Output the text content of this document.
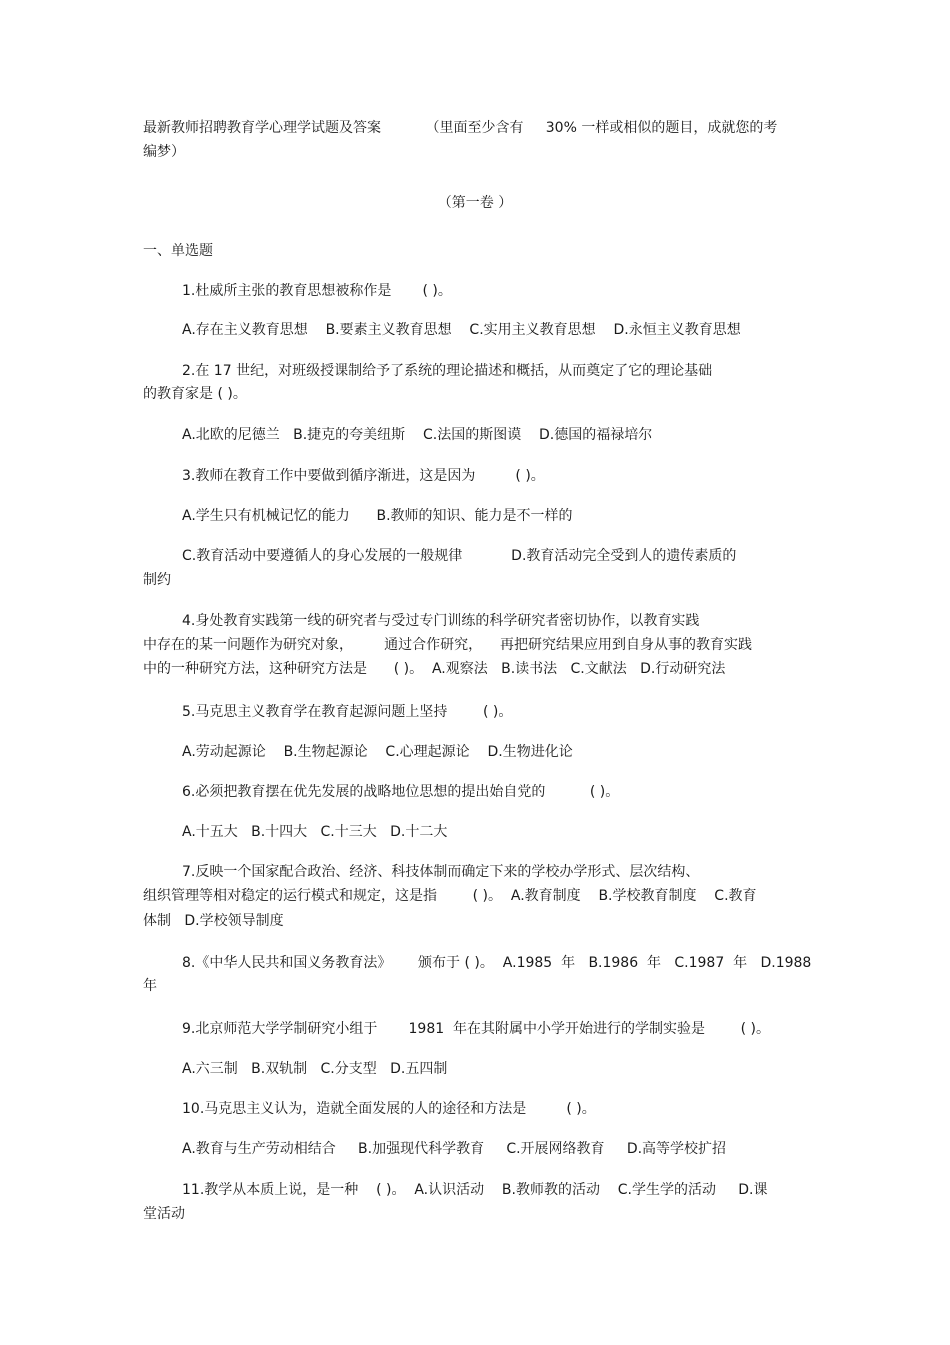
最新教师招聘教育学心理学试题及答案          （里面至少含有     30% 一样或相似的题目，成就您的考
编梦）
（第一卷 ）
一、单选题
1.杜威所主张的教育思想被称作是       ( )。
A.存在主义教育思想    B.要素主义教育思想    C.实用主义教育思想    D.永恒主义教育思想
2.在 17 世纪，对班级授课制给予了系统的理论描述和概括，从而奠定了它的理论基础
的教育家是 ( )。
A.北欧的尼德兰   B.捷克的夸美纽斯    C.法国的斯图谟    D.德国的福禄培尔
3.教师在教育工作中要做到循序渐进，这是因为         ( )。
A.学生只有机械记忆的能力      B.教师的知识、能力是不一样的
C.教育活动中要遵循人的身心发展的一般规律           D.教育活动完全受到人的遗传素质的
制约
4.身处教育实践第一线的研究者与受过专门训练的科学研究者密切协作，以教育实践
中存在的某一问题作为研究对象，       通过合作研究，    再把研究结果应用到自身从事的教育实践
中的一种研究方法，这种研究方法是      ( )。  A.观察法   B.读书法   C.文献法   D.行动研究法
5.马克思主义教育学在教育起源问题上坚持        ( )。
A.劳动起源论    B.生物起源论    C.心理起源论    D.生物进化论
6.必须把教育摆在优先发展的战略地位思想的提出始自党的          ( )。
A.十五大   B.十四大   C.十三大   D.十二大
7.反映一个国家配合政治、经济、科技体制而确定下来的学校办学形式、层次结构、
组织管理等相对稳定的运行模式和规定，这是指        ( )。  A.教育制度    B.学校教育制度    C.教育
体制   D.学校领导制度
8.《中华人民共和国义务教育法》      颁布于 ( )。  A.1985  年   B.1986  年   C.1987  年   D.1988
年
9.北京师范大学学制研究小组于       1981  年在其附属中小学开始进行的学制实验是        ( )。
A.六三制   B.双轨制   C.分支型   D.五四制
10.马克思主义认为，造就全面发展的人的途径和方法是         ( )。
A.教育与生产劳动相结合     B.加强现代科学教育     C.开展网络教育     D.高等学校扩招
11.教学从本质上说，是一种    ( )。  A.认识活动    B.教师教的活动    C.学生学的活动     D.课
堂活动
